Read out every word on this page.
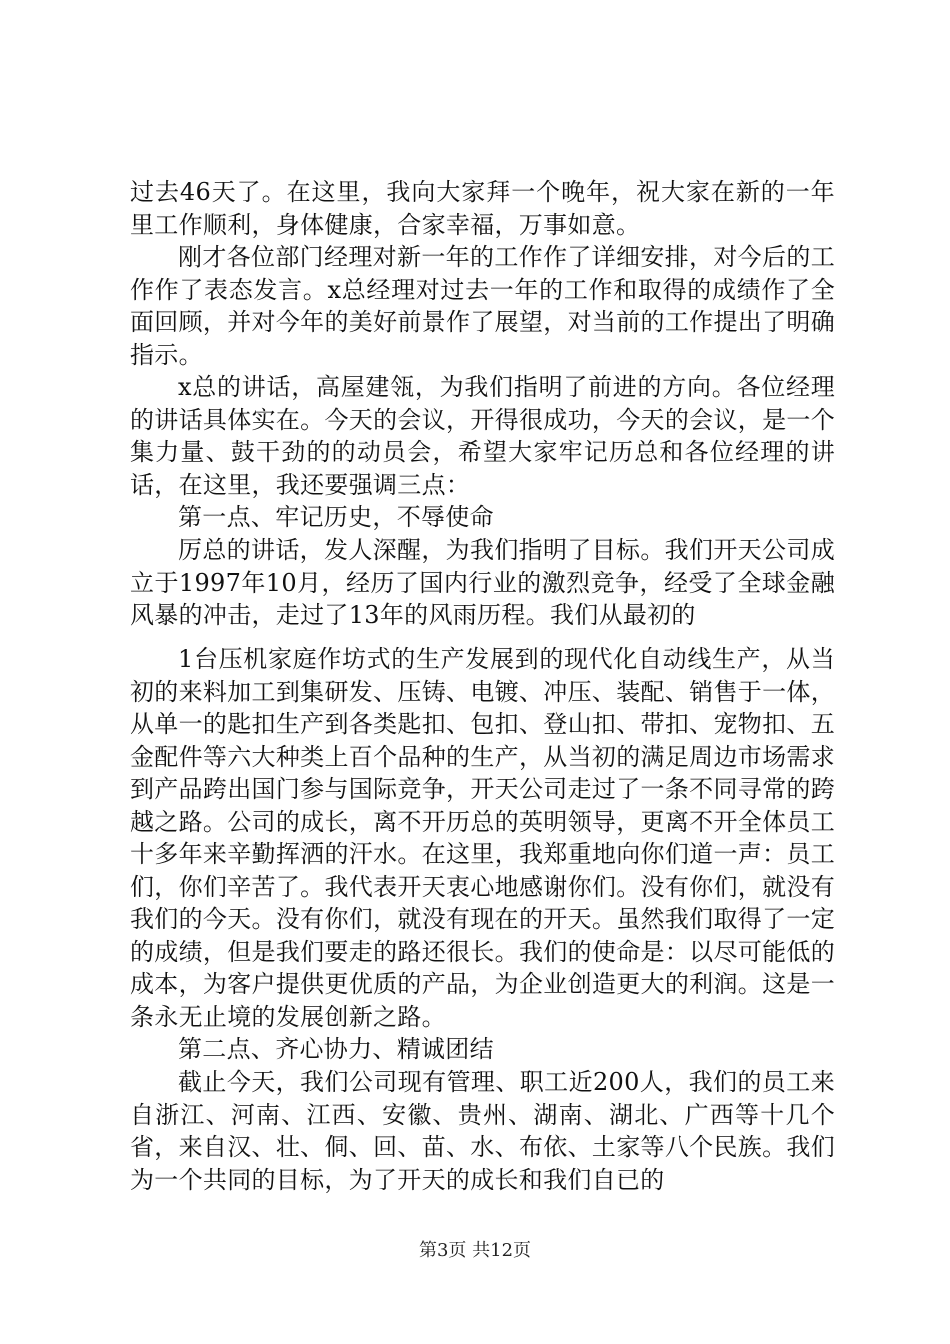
过去46天了。在这里，我向大家拜一个晚年，祝大家在新的一年里工作顺利，身体健康，合家幸福，万事如意。

刚才各位部门经理对新一年的工作作了详细安排，对今后的工作作了表态发言。x总经理对过去一年的工作和取得的成绩作了全面回顾，并对今年的美好前景作了展望，对当前的工作提出了明确指示。

x总的讲话，高屋建瓴，为我们指明了前进的方向。各位经理的讲话具体实在。今天的会议，开得很成功，今天的会议，是一个集力量、鼓干劲的的动员会，希望大家牢记历总和各位经理的讲话，在这里，我还要强调三点：

第一点、牢记历史，不辱使命

厉总的讲话，发人深醒，为我们指明了目标。我们开天公司成立于1997年10月，经历了国内行业的激烈竞争，经受了全球金融风暴的冲击，走过了13年的风雨历程。我们从最初的

1台压机家庭作坊式的生产发展到的现代化自动线生产，从当初的来料加工到集研发、压铸、电镀、冲压、装配、销售于一体，从单一的匙扣生产到各类匙扣、包扣、登山扣、带扣、宠物扣、五金配件等六大种类上百个品种的生产，从当初的满足周边市场需求到产品跨出国门参与国际竞争，开天公司走过了一条不同寻常的跨越之路。公司的成长，离不开历总的英明领导，更离不开全体员工十多年来辛勤挥洒的汗水。在这里，我郑重地向你们道一声：员工们，你们辛苦了。我代表开天衷心地感谢你们。没有你们，就没有我们的今天。没有你们，就没有现在的开天。虽然我们取得了一定的成绩，但是我们要走的路还很长。我们的使命是：以尽可能低的成本，为客户提供更优质的产品，为企业创造更大的利润。这是一条永无止境的发展创新之路。

第二点、齐心协力、精诚团结

截止今天，我们公司现有管理、职工近200人，我们的员工来自浙江、河南、江西、安徽、贵州、湖南、湖北、广西等十几个省，来自汉、壮、侗、回、苗、水、布依、土家等八个民族。我们为一个共同的目标，为了开天的成长和我们自已的

第3页 共12页
